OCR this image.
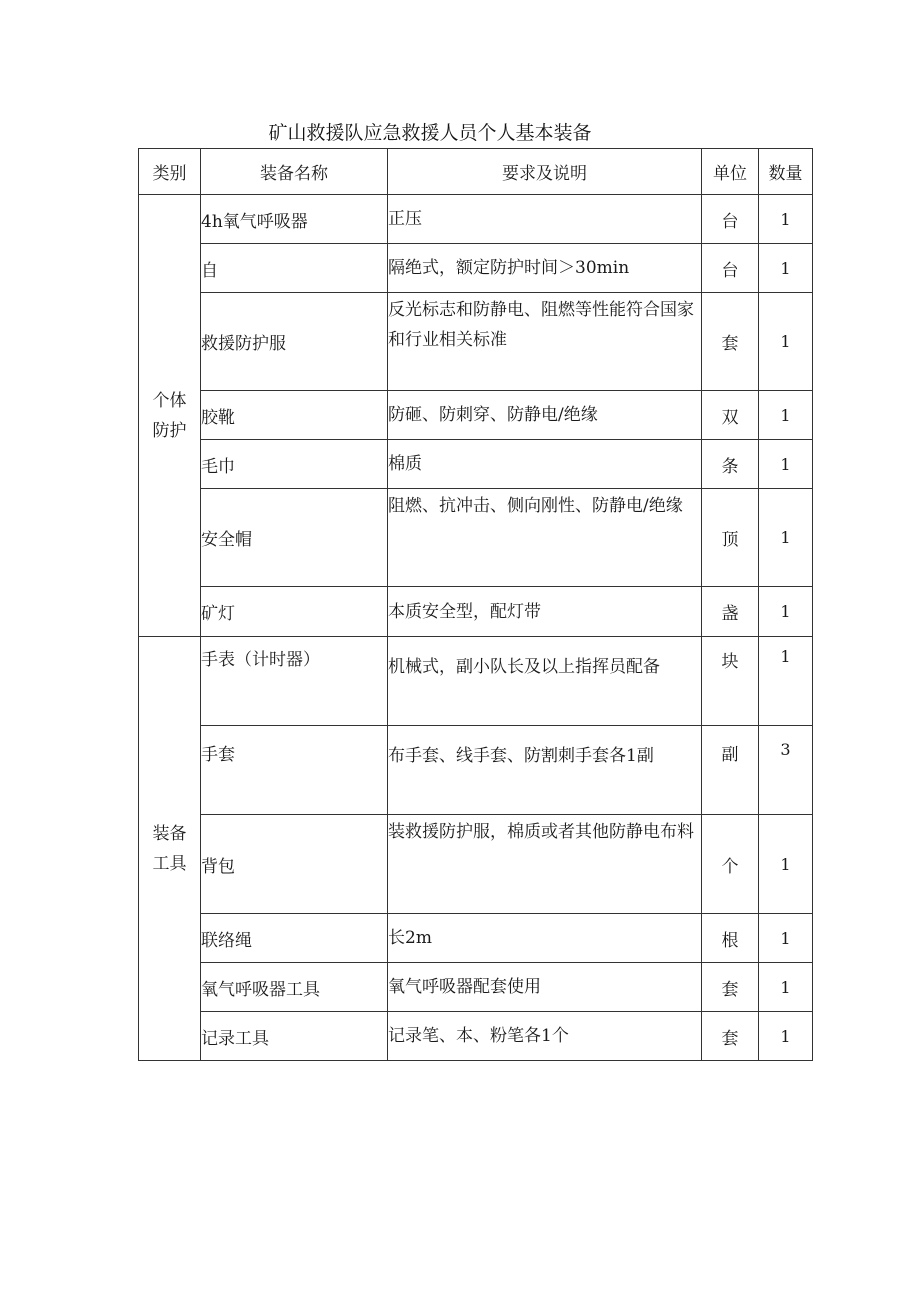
矿山救援队应急救援人员个人基本装备
类别	装备名称	要求及说明	单位	数量

个体
防护	4h氧气呼吸器	正压	台	1
	自	隔绝式，额定防护时间＞30min	台	1
	救援防护服	反光标志和防静电、阻燃等性能符合国家和行业相关标准	套	1
	胶靴	防砸、防刺穿、防静电/绝缘	双	1
	毛巾	棉质	条	1
	安全帽	阻燃、抗冲击、侧向刚性、防静电/绝缘	顶	1
	矿灯	本质安全型，配灯带	盏	1

装备
工具	手表（计时器）	机械式，副小队长及以上指挥员配备	块	1
	手套	布手套、线手套、防割刺手套各1副	副	3
	背包	装救援防护服，棉质或者其他防静电布料	个	1
	联络绳	长2m	根	1
	氧气呼吸器工具	氧气呼吸器配套使用	套	1
	记录工具	记录笔、本、粉笔各1个	套	1
